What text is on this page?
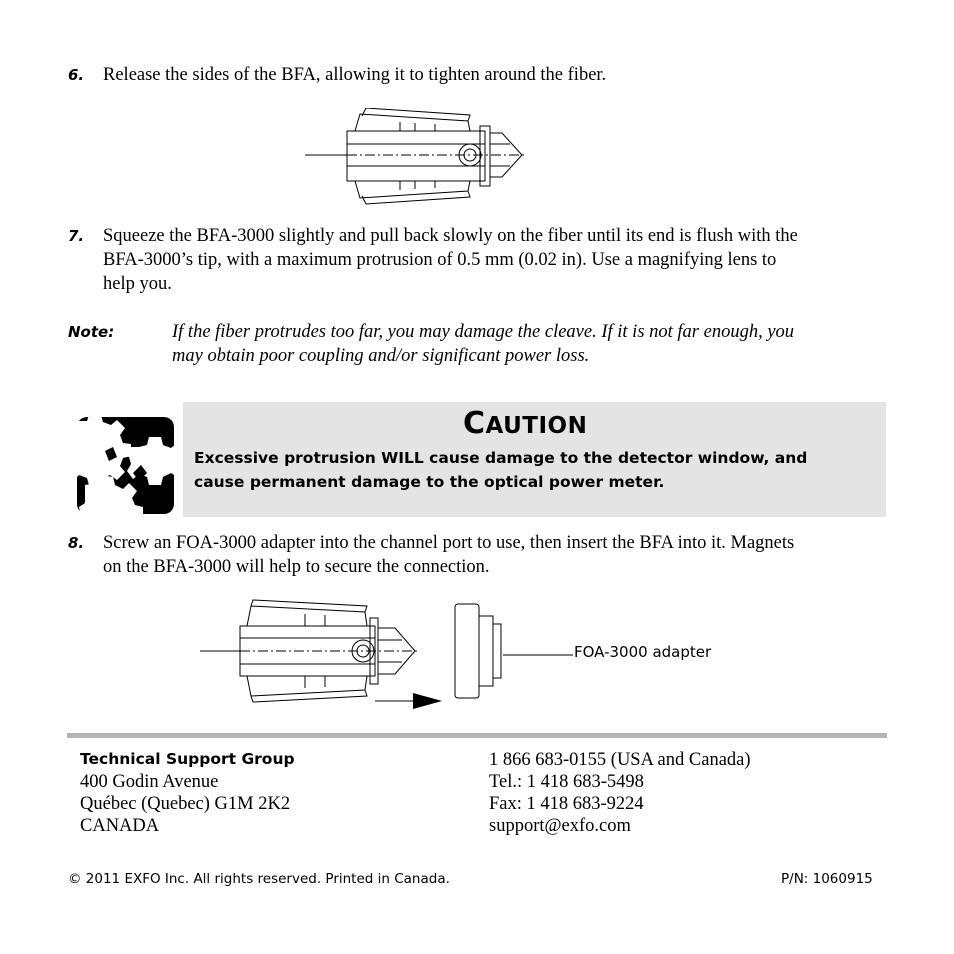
6. Release the sides of the BFA, allowing it to tighten around the fiber.
7. Squeeze the BFA-3000 slightly and pull back slowly on the fiber until its end is flush with the
BFA-3000’s tip, with a maximum protrusion of 0.5 mm (0.02 in). Use a magnifying lens to
help you.
Note:	If the fiber protrudes too far, you may damage the cleave. If it is not far enough, you
may obtain poor coupling and/or significant power loss.
CAUTION
Excessive protrusion WILL cause damage to the detector window, and
cause permanent damage to the optical power meter.
8. Screw an FOA-3000 adapter into the channel port to use, then insert the BFA into it. Magnets
on the BFA-3000 will help to secure the connection.
FOA-3000 adapter
Technical Support Group
400 Godin Avenue
Québec (Quebec) G1M 2K2
CANADA
1 866 683-0155 (USA and Canada)
Tel.: 1 418 683-5498
Fax: 1 418 683-9224
support@exfo.com
© 2011 EXFO Inc. All rights reserved. Printed in Canada.	P/N: 1060915
